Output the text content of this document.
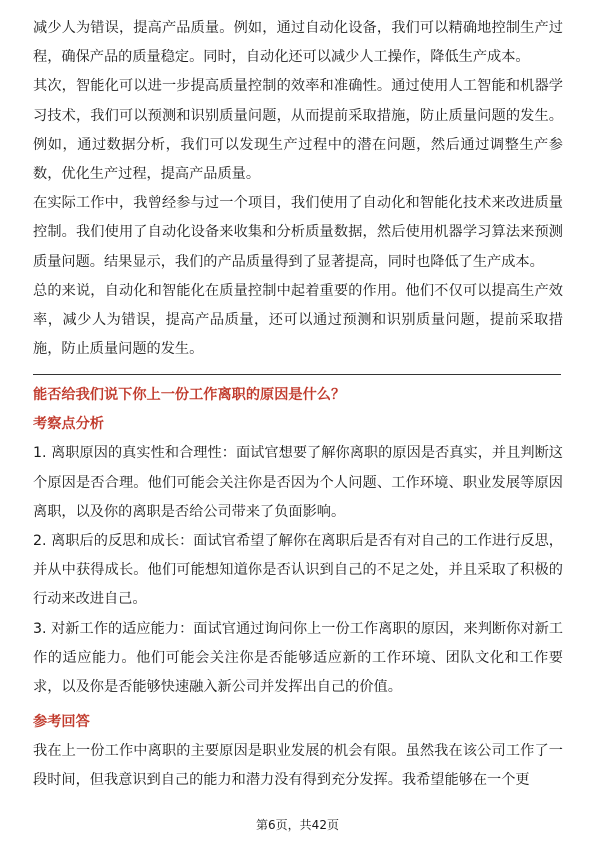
减少人为错误，提高产品质量。例如，通过自动化设备，我们可以精确地控制生产过程，确保产品的质量稳定。同时，自动化还可以减少人工操作，降低生产成本。

其次，智能化可以进一步提高质量控制的效率和准确性。通过使用人工智能和机器学习技术，我们可以预测和识别质量问题，从而提前采取措施，防止质量问题的发生。例如，通过数据分析，我们可以发现生产过程中的潜在问题，然后通过调整生产参数，优化生产过程，提高产品质量。

在实际工作中，我曾经参与过一个项目，我们使用了自动化和智能化技术来改进质量控制。我们使用了自动化设备来收集和分析质量数据，然后使用机器学习算法来预测质量问题。结果显示，我们的产品质量得到了显著提高，同时也降低了生产成本。

总的来说，自动化和智能化在质量控制中起着重要的作用。他们不仅可以提高生产效率，减少人为错误，提高产品质量，还可以通过预测和识别质量问题，提前采取措施，防止质量问题的发生。

能否给我们说下你上一份工作离职的原因是什么？

考察点分析

1. 离职原因的真实性和合理性：面试官想要了解你离职的原因是否真实，并且判断这个原因是否合理。他们可能会关注你是否因为个人问题、工作环境、职业发展等原因离职，以及你的离职是否给公司带来了负面影响。

2. 离职后的反思和成长：面试官希望了解你在离职后是否有对自己的工作进行反思，并从中获得成长。他们可能想知道你是否认识到自己的不足之处，并且采取了积极的行动来改进自己。

3. 对新工作的适应能力：面试官通过询问你上一份工作离职的原因，来判断你对新工作的适应能力。他们可能会关注你是否能够适应新的工作环境、团队文化和工作要求，以及你是否能够快速融入新公司并发挥出自己的价值。

参考回答

我在上一份工作中离职的主要原因是职业发展的机会有限。虽然我在该公司工作了一段时间，但我意识到自己的能力和潜力没有得到充分发挥。我希望能够在一个更

第6页，共42页
